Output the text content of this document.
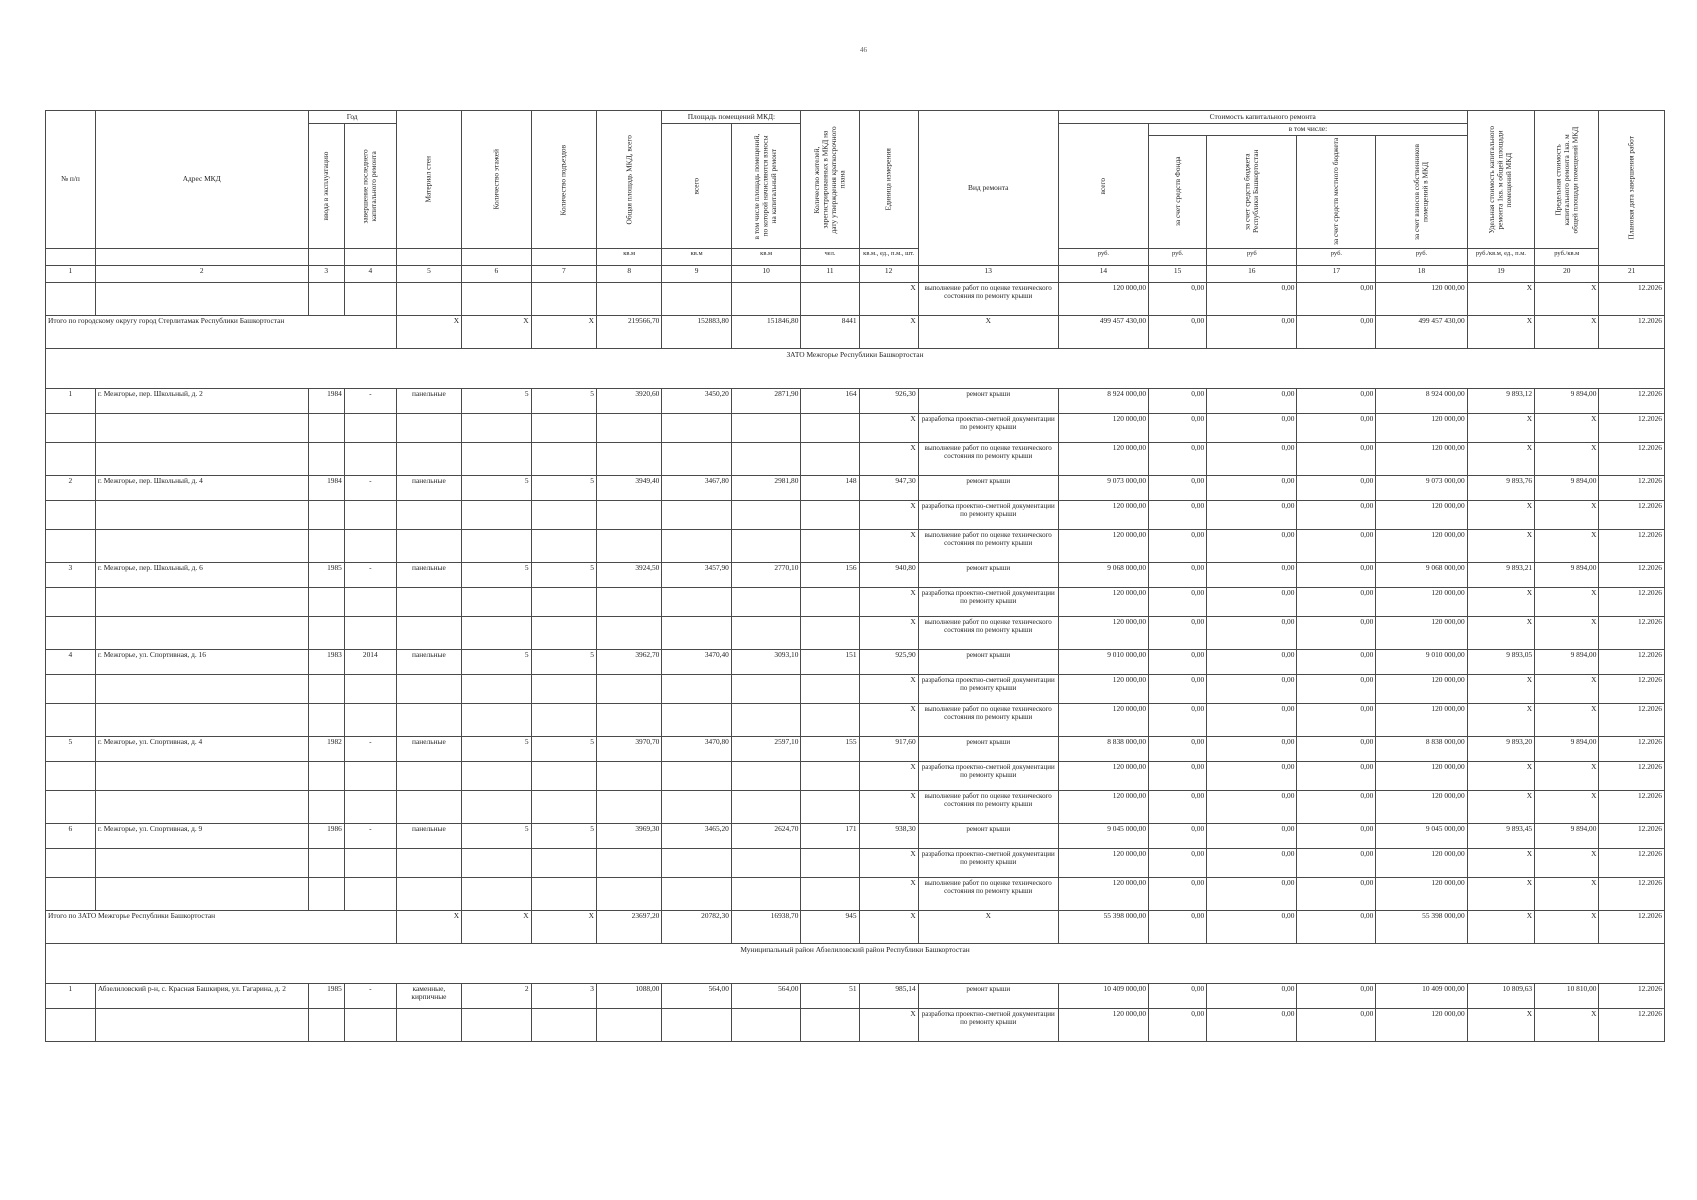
46
№ п/п	Адрес МКД	Год		Материал стен	Количество этажей	Количество подъездов	Общая площадь МКД, всего	Площадь помещений МКД:		Количество жителей, зарегистрированных в МКД на дату утверждения краткосрочного плана	Единица измерения	Вид ремонта	Стоимость капитального ремонта					Удельная стоимость капитального ремонта 1кв. м общей площади помещений МКД	Предельная стоимость капитального ремонта 1кв. м общей площади помещений МКД	Плановая дата завершения работ
		ввода в эксплуатацию	завершение последнего капитального ремонта					всего	в том числе площадь помещений, по которой начисляются взносы на капитальный ремонт				всего	в том числе:						
														за счет средств Фонда	за счет средств бюджета Республики Башкортостан	за счет средств местного бюджета	за счет взносов собственников помещений в МКД			
							кв.м	кв.м	кв.м	чел.	кв.м., ед., п.м., шт.		руб.	руб.	руб	руб.	руб.	руб./кв.м, ед., п.м.	руб./кв.м	
1	2	3	4	5	6	7	8	9	10	11	12	13	14	15	16	17	18	19	20	21
											X	выполнение работ по оценке технического состояния по ремонту крыши	120 000,00	0,00	0,00	0,00	120 000,00	X	X	12.2026
Итого по городскому округу город Стерлитамак Республики Башкортостан				X	X	X	219566,70	152883,80	151846,80	8441	X	X	499 457 430,00	0,00	0,00	0,00	499 457 430,00	X	X	12.2026
ЗАТО Межгорье Республики Башкортостан																				
1	г. Межгорье, пер. Школьный, д. 2	1984	-	панельные	5	5	3920,60	3450,20	2871,90	164	926,30	ремонт крыши	8 924 000,00	0,00	0,00	0,00	8 924 000,00	9 893,12	9 894,00	12.2026
											X	разработка проектно-сметной документации по ремонту крыши	120 000,00	0,00	0,00	0,00	120 000,00	X	X	12.2026
											X	выполнение работ по оценке технического состояния по ремонту крыши	120 000,00	0,00	0,00	0,00	120 000,00	X	X	12.2026
2	г. Межгорье, пер. Школьный, д. 4	1984	-	панельные	5	5	3949,40	3467,80	2981,80	148	947,30	ремонт крыши	9 073 000,00	0,00	0,00	0,00	9 073 000,00	9 893,76	9 894,00	12.2026
											X	разработка проектно-сметной документации по ремонту крыши	120 000,00	0,00	0,00	0,00	120 000,00	X	X	12.2026
											X	выполнение работ по оценке технического состояния по ремонту крыши	120 000,00	0,00	0,00	0,00	120 000,00	X	X	12.2026
3	г. Межгорье, пер. Школьный, д. 6	1985	-	панельные	5	5	3924,50	3457,90	2770,10	156	940,80	ремонт крыши	9 068 000,00	0,00	0,00	0,00	9 068 000,00	9 893,21	9 894,00	12.2026
											X	разработка проектно-сметной документации по ремонту крыши	120 000,00	0,00	0,00	0,00	120 000,00	X	X	12.2026
											X	выполнение работ по оценке технического состояния по ремонту крыши	120 000,00	0,00	0,00	0,00	120 000,00	X	X	12.2026
4	г. Межгорье, ул. Спортивная, д. 16	1983	2014	панельные	5	5	3962,70	3470,40	3093,10	151	925,90	ремонт крыши	9 010 000,00	0,00	0,00	0,00	9 010 000,00	9 893,05	9 894,00	12.2026
											X	разработка проектно-сметной документации по ремонту крыши	120 000,00	0,00	0,00	0,00	120 000,00	X	X	12.2026
											X	выполнение работ по оценке технического состояния по ремонту крыши	120 000,00	0,00	0,00	0,00	120 000,00	X	X	12.2026
5	г. Межгорье, ул. Спортивная, д. 4	1982	-	панельные	5	5	3970,70	3470,80	2597,10	155	917,60	ремонт крыши	8 838 000,00	0,00	0,00	0,00	8 838 000,00	9 893,20	9 894,00	12.2026
											X	разработка проектно-сметной документации по ремонту крыши	120 000,00	0,00	0,00	0,00	120 000,00	X	X	12.2026
											X	выполнение работ по оценке технического состояния по ремонту крыши	120 000,00	0,00	0,00	0,00	120 000,00	X	X	12.2026
6	г. Межгорье, ул. Спортивная, д. 9	1986	-	панельные	5	5	3969,30	3465,20	2624,70	171	938,30	ремонт крыши	9 045 000,00	0,00	0,00	0,00	9 045 000,00	9 893,45	9 894,00	12.2026
											X	разработка проектно-сметной документации по ремонту крыши	120 000,00	0,00	0,00	0,00	120 000,00	X	X	12.2026
											X	выполнение работ по оценке технического состояния по ремонту крыши	120 000,00	0,00	0,00	0,00	120 000,00	X	X	12.2026
Итого по ЗАТО Межгорье Республики Башкортостан				X	X	X	23697,20	20782,30	16938,70	945	X	X	55 398 000,00	0,00	0,00	0,00	55 398 000,00	X	X	12.2026
Муниципальный район Абзелиловский район Республики Башкортостан																				
1	Абзелиловский р-н, с. Красная Башкирия, ул. Гагарина, д. 2	1985	-	каменные, кирпичные	2	3	1088,00	564,00	564,00	51	985,14	ремонт крыши	10 409 000,00	0,00	0,00	0,00	10 409 000,00	10 809,63	10 810,00	12.2026
											X	разработка проектно-сметной документации по ремонту крыши	120 000,00	0,00	0,00	0,00	120 000,00	X	X	12.2026
